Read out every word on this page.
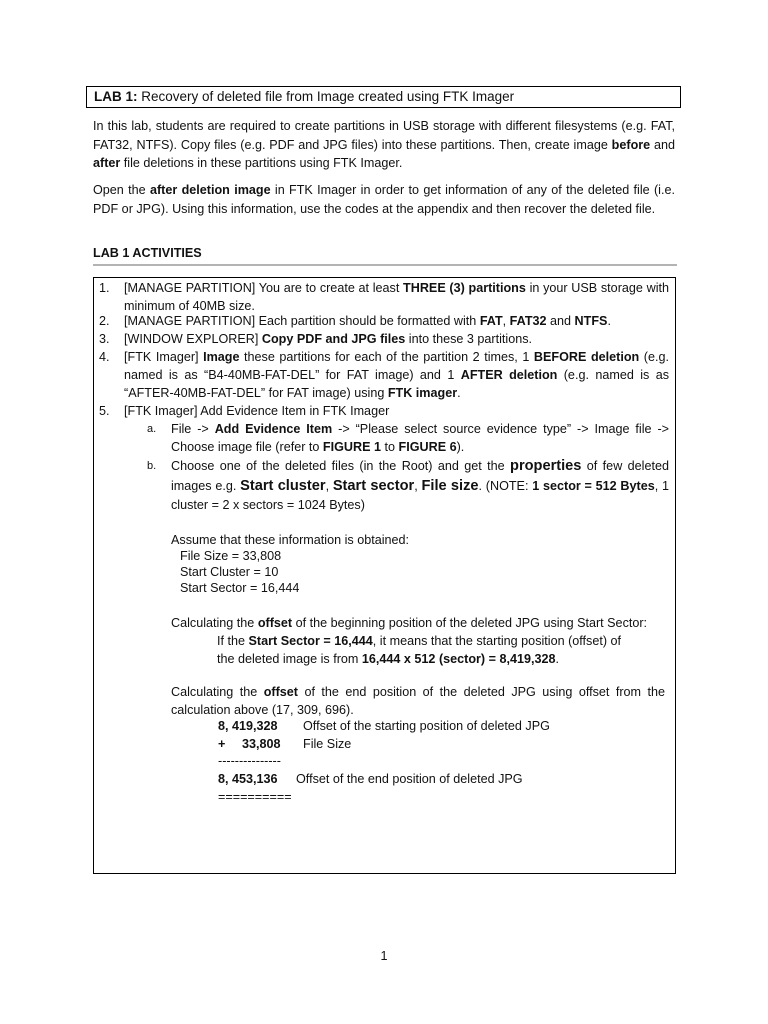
LAB 1: Recovery of deleted file from Image created using FTK Imager

In this lab, students are required to create partitions in USB storage with different filesystems (e.g. FAT, FAT32, NTFS). Copy files (e.g. PDF and JPG files) into these partitions. Then, create image before and after file deletions in these partitions using FTK Imager.

Open the after deletion image in FTK Imager in order to get information of any of the deleted file (i.e. PDF or JPG). Using this information, use the codes at the appendix and then recover the deleted file.

LAB 1 ACTIVITIES
1.	[MANAGE PARTITION] You are to create at least THREE (3) partitions in your USB storage with minimum of 40MB size.
2.	[MANAGE PARTITION] Each partition should be formatted with FAT, FAT32 and NTFS.
3.	[WINDOW EXPLORER] Copy PDF and JPG files into these 3 partitions.
4.	[FTK Imager] Image these partitions for each of the partition 2 times, 1 BEFORE deletion (e.g. named is as “B4-40MB-FAT-DEL” for FAT image) and 1 AFTER deletion (e.g. named is as “AFTER-40MB-FAT-DEL” for FAT image) using FTK imager.
5.	[FTK Imager] Add Evidence Item in FTK Imager
a.	File -> Add Evidence Item -> “Please select source evidence type” -> Image file -> Choose image file (refer to FIGURE 1 to FIGURE 6).
b.	Choose one of the deleted files (in the Root) and get the properties of few deleted images e.g. Start cluster, Start sector, File size. (NOTE: 1 sector = 512 Bytes, 1 cluster = 2 x sectors = 1024 Bytes)
Assume that these information is obtained:
File Size = 33,808
Start Cluster = 10
Start Sector = 16,444
Calculating the offset of the beginning position of the deleted JPG using Start Sector:
If the Start Sector = 16,444, it means that the starting position (offset) of
the deleted image is from 16,444 x 512 (sector) = 8,419,328.
Calculating the offset of the end position of the deleted JPG using offset from the calculation above (17, 309, 696).
8, 419,328 Offset of the starting position of deleted JPG
+ 33,808 File Size
---------------
8, 453,136 Offset of the end position of deleted JPG
==========
1
